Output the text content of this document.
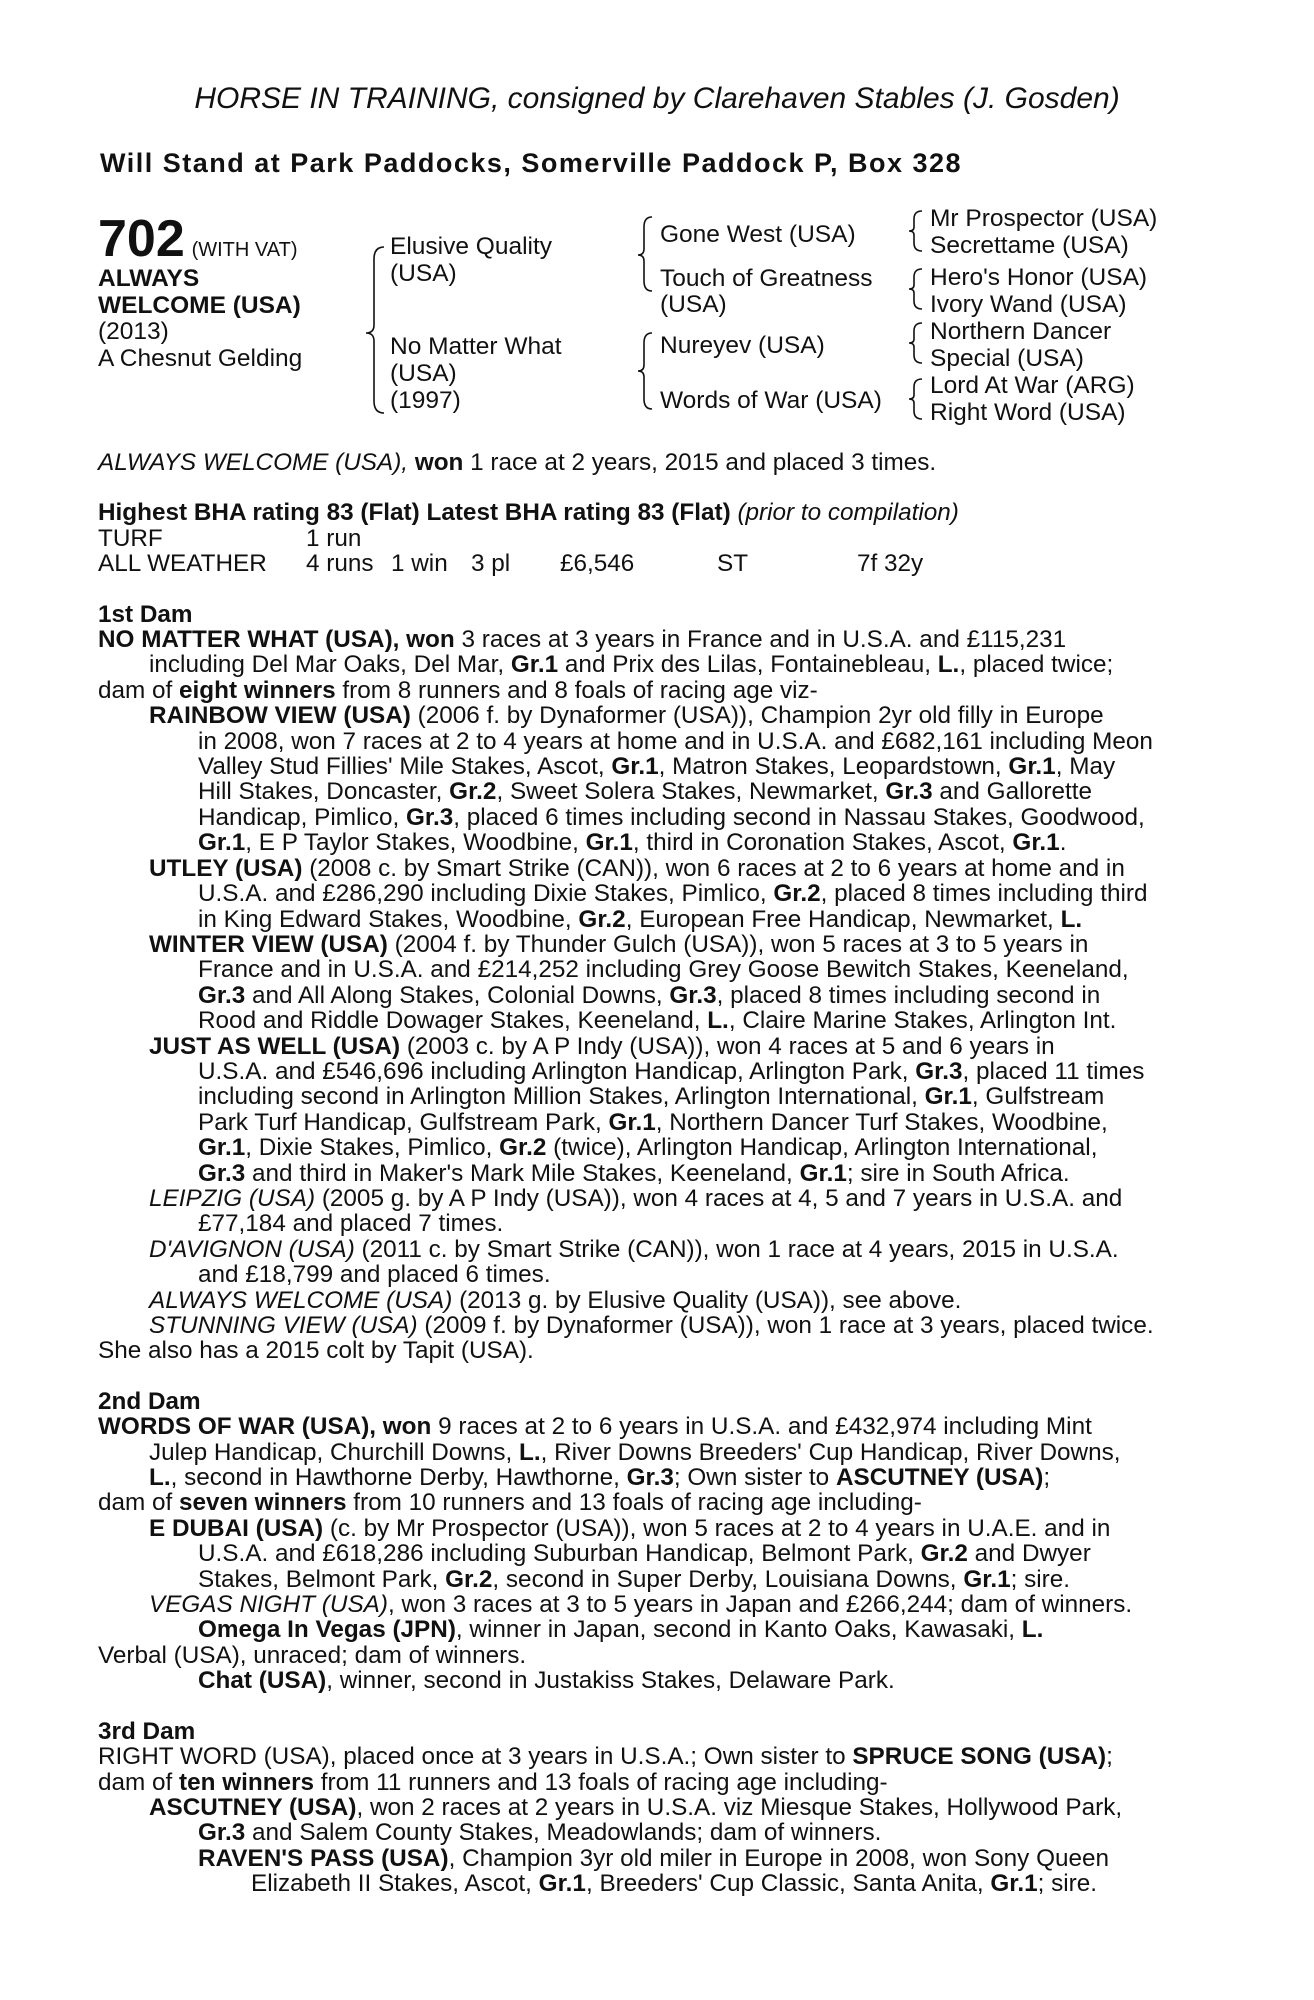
HORSE IN TRAINING, consigned by Clarehaven Stables (J. Gosden)
Will Stand at Park Paddocks, Somerville Paddock P, Box 328
702 (WITH VAT)
ALWAYS
WELCOME (USA)
(2013)
A Chesnut Gelding
Elusive Quality
(USA)
No Matter What
(USA)
(1997)
Gone West (USA)
Touch of Greatness
(USA)
Nureyev (USA)
Words of War (USA)
Mr Prospector (USA)
Secrettame (USA)
Hero's Honor (USA)
Ivory Wand (USA)
Northern Dancer
Special (USA)
Lord At War (ARG)
Right Word (USA)
ALWAYS WELCOME (USA), won 1 race at 2 years, 2015 and placed 3 times.
Highest BHA rating 83 (Flat) Latest BHA rating 83 (Flat) (prior to compilation)
TURF	1 run
ALL WEATHER	4 runs 1 win 3 pl	£6,546	ST	7f 32y
1st Dam
NO MATTER WHAT (USA), won 3 races at 3 years in France and in U.S.A. and £115,231
including Del Mar Oaks, Del Mar, Gr.1 and Prix des Lilas, Fontainebleau, L., placed twice;
dam of eight winners from 8 runners and 8 foals of racing age viz-
RAINBOW VIEW (USA) (2006 f. by Dynaformer (USA)), Champion 2yr old filly in Europe
in 2008, won 7 races at 2 to 4 years at home and in U.S.A. and £682,161 including Meon
Valley Stud Fillies' Mile Stakes, Ascot, Gr.1, Matron Stakes, Leopardstown, Gr.1, May
Hill Stakes, Doncaster, Gr.2, Sweet Solera Stakes, Newmarket, Gr.3 and Gallorette
Handicap, Pimlico, Gr.3, placed 6 times including second in Nassau Stakes, Goodwood,
Gr.1, E P Taylor Stakes, Woodbine, Gr.1, third in Coronation Stakes, Ascot, Gr.1.
UTLEY (USA) (2008 c. by Smart Strike (CAN)), won 6 races at 2 to 6 years at home and in
U.S.A. and £286,290 including Dixie Stakes, Pimlico, Gr.2, placed 8 times including third
in King Edward Stakes, Woodbine, Gr.2, European Free Handicap, Newmarket, L.
WINTER VIEW (USA) (2004 f. by Thunder Gulch (USA)), won 5 races at 3 to 5 years in
France and in U.S.A. and £214,252 including Grey Goose Bewitch Stakes, Keeneland,
Gr.3 and All Along Stakes, Colonial Downs, Gr.3, placed 8 times including second in
Rood and Riddle Dowager Stakes, Keeneland, L., Claire Marine Stakes, Arlington Int.
JUST AS WELL (USA) (2003 c. by A P Indy (USA)), won 4 races at 5 and 6 years in
U.S.A. and £546,696 including Arlington Handicap, Arlington Park, Gr.3, placed 11 times
including second in Arlington Million Stakes, Arlington International, Gr.1, Gulfstream
Park Turf Handicap, Gulfstream Park, Gr.1, Northern Dancer Turf Stakes, Woodbine,
Gr.1, Dixie Stakes, Pimlico, Gr.2 (twice), Arlington Handicap, Arlington International,
Gr.3 and third in Maker's Mark Mile Stakes, Keeneland, Gr.1; sire in South Africa.
LEIPZIG (USA) (2005 g. by A P Indy (USA)), won 4 races at 4, 5 and 7 years in U.S.A. and
£77,184 and placed 7 times.
D'AVIGNON (USA) (2011 c. by Smart Strike (CAN)), won 1 race at 4 years, 2015 in U.S.A.
and £18,799 and placed 6 times.
ALWAYS WELCOME (USA) (2013 g. by Elusive Quality (USA)), see above.
STUNNING VIEW (USA) (2009 f. by Dynaformer (USA)), won 1 race at 3 years, placed twice.
She also has a 2015 colt by Tapit (USA).
2nd Dam
WORDS OF WAR (USA), won 9 races at 2 to 6 years in U.S.A. and £432,974 including Mint
Julep Handicap, Churchill Downs, L., River Downs Breeders' Cup Handicap, River Downs,
L., second in Hawthorne Derby, Hawthorne, Gr.3; Own sister to ASCUTNEY (USA);
dam of seven winners from 10 runners and 13 foals of racing age including-
E DUBAI (USA) (c. by Mr Prospector (USA)), won 5 races at 2 to 4 years in U.A.E. and in
U.S.A. and £618,286 including Suburban Handicap, Belmont Park, Gr.2 and Dwyer
Stakes, Belmont Park, Gr.2, second in Super Derby, Louisiana Downs, Gr.1; sire.
VEGAS NIGHT (USA), won 3 races at 3 to 5 years in Japan and £266,244; dam of winners.
Omega In Vegas (JPN), winner in Japan, second in Kanto Oaks, Kawasaki, L.
Verbal (USA), unraced; dam of winners.
Chat (USA), winner, second in Justakiss Stakes, Delaware Park.
3rd Dam
RIGHT WORD (USA), placed once at 3 years in U.S.A.; Own sister to SPRUCE SONG (USA);
dam of ten winners from 11 runners and 13 foals of racing age including-
ASCUTNEY (USA), won 2 races at 2 years in U.S.A. viz Miesque Stakes, Hollywood Park,
Gr.3 and Salem County Stakes, Meadowlands; dam of winners.
RAVEN'S PASS (USA), Champion 3yr old miler in Europe in 2008, won Sony Queen
Elizabeth II Stakes, Ascot, Gr.1, Breeders' Cup Classic, Santa Anita, Gr.1; sire.
